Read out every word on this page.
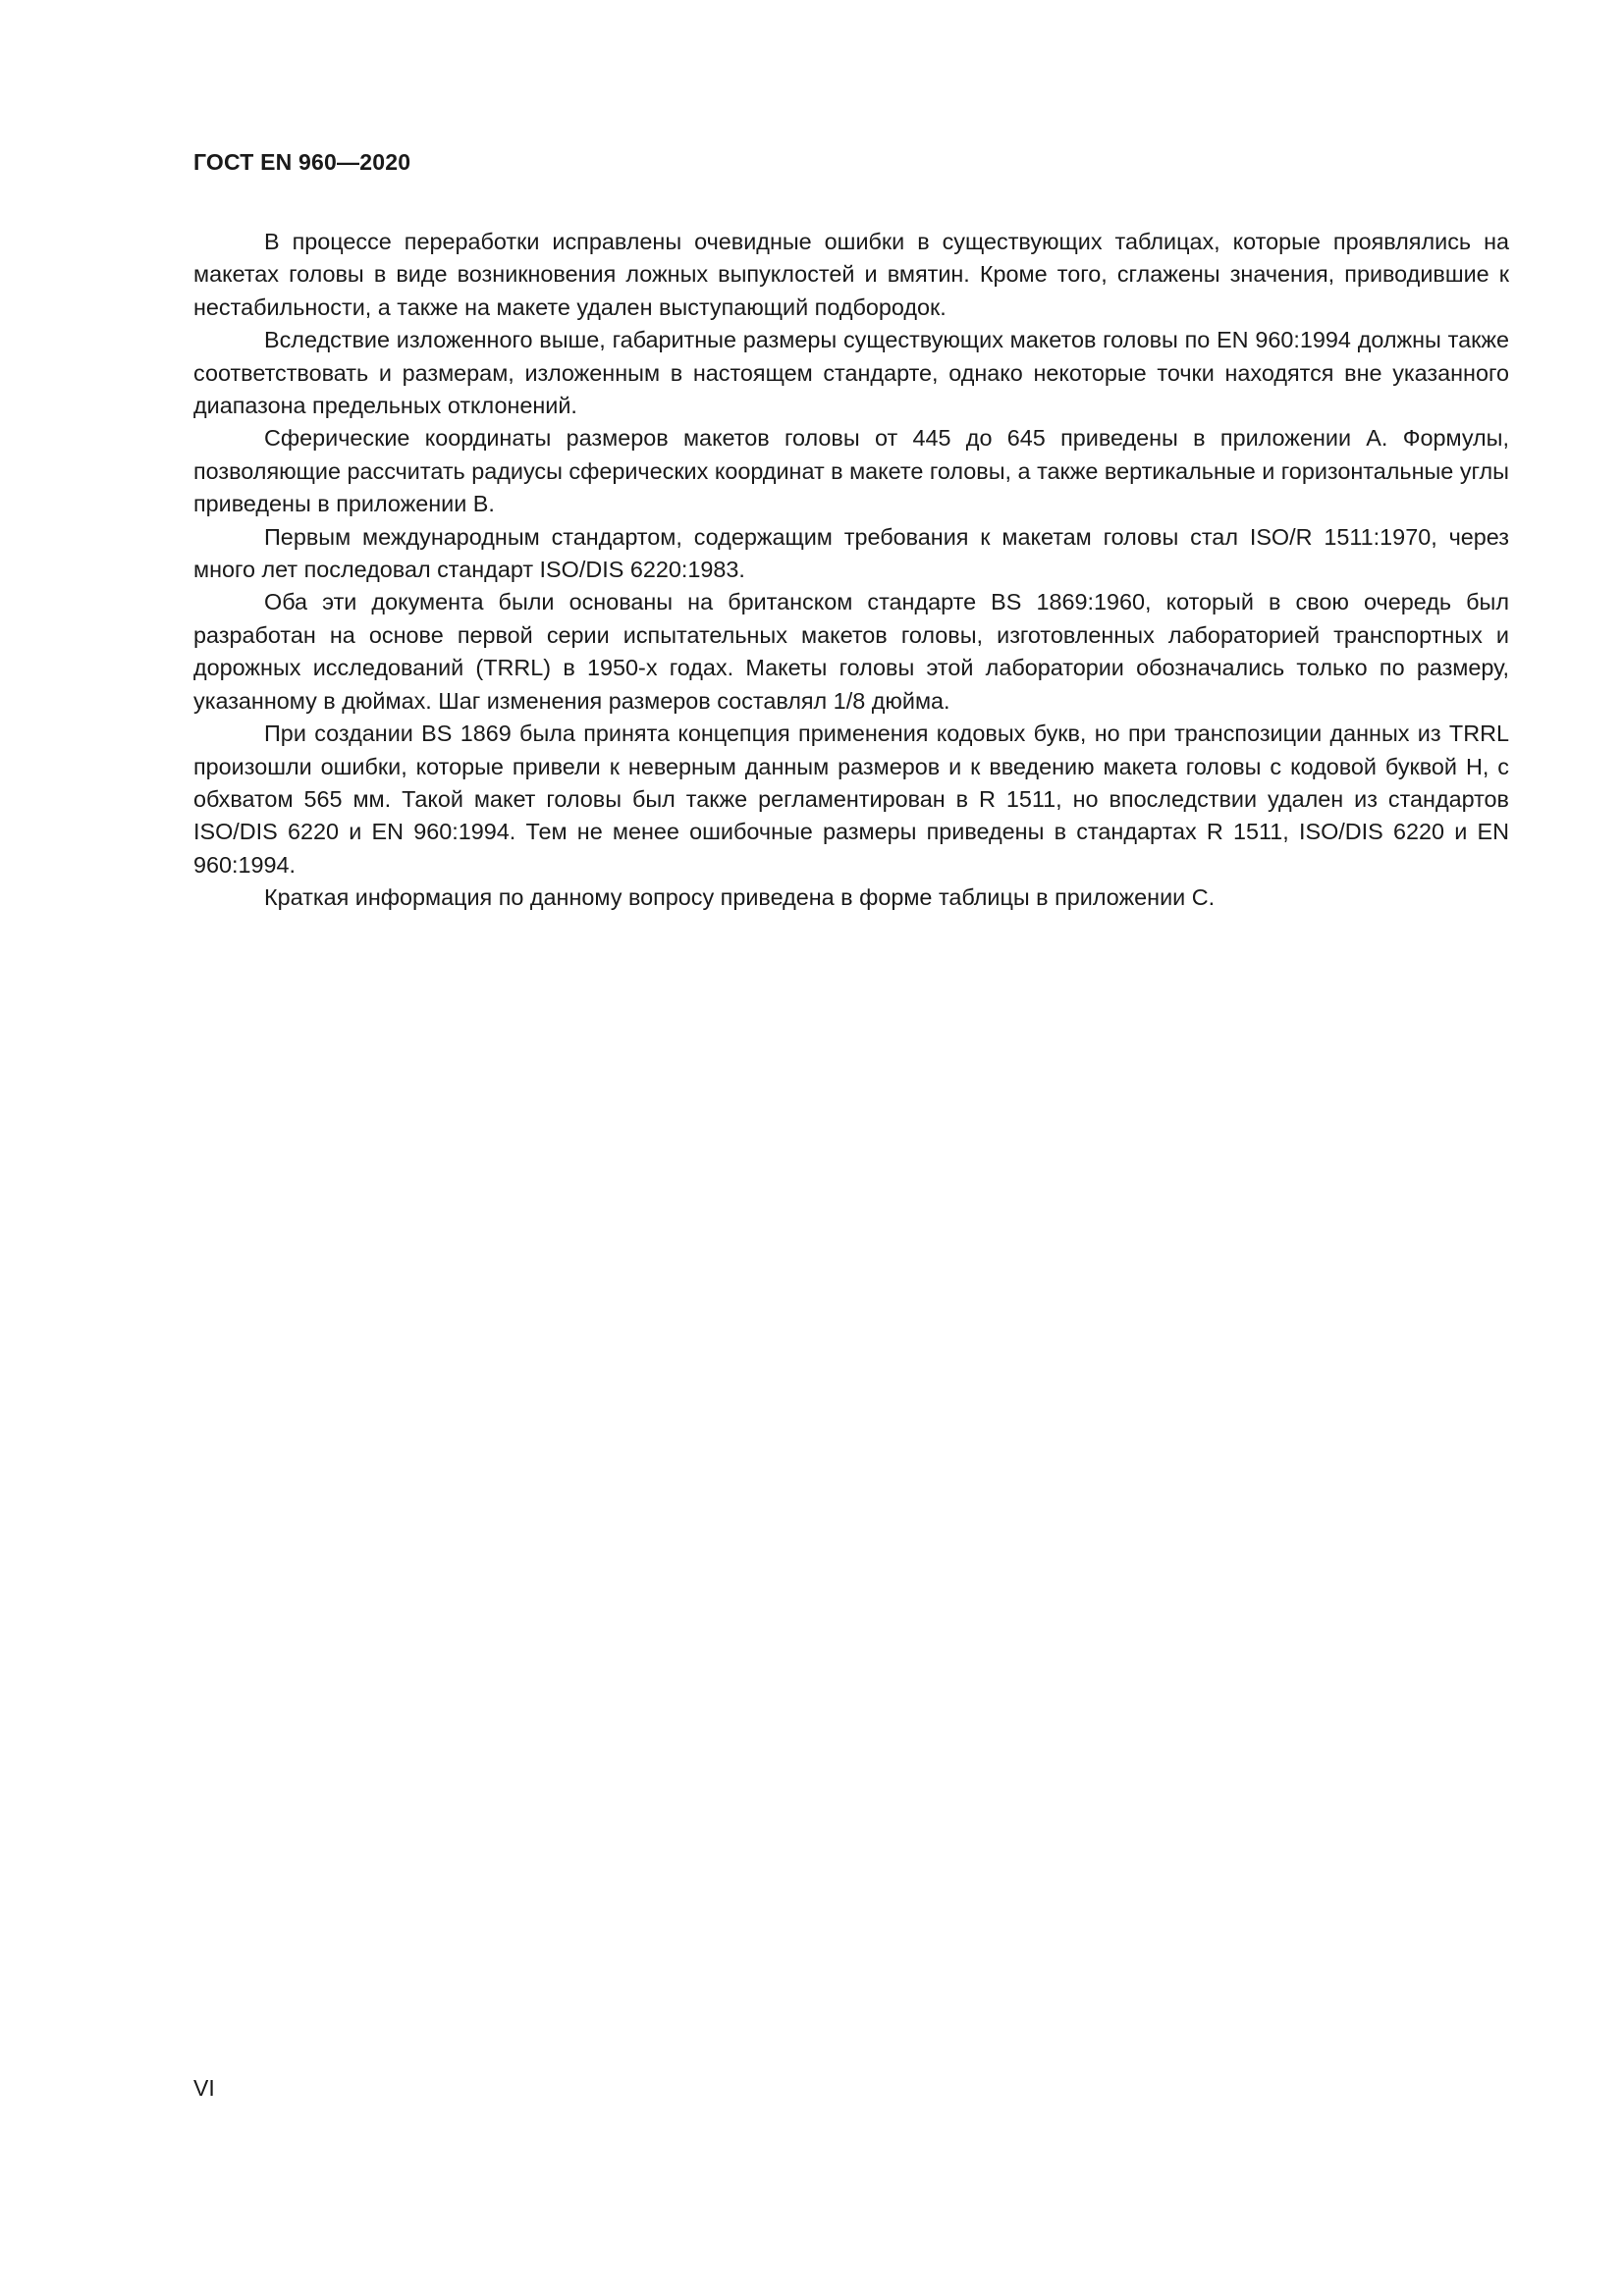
ГОСТ EN 960—2020

В процессе переработки исправлены очевидные ошибки в существующих таблицах, которые проявлялись на макетах головы в виде возникновения ложных выпуклостей и вмятин. Кроме того, сглажены значения, приводившие к нестабильности, а также на макете удален выступающий подбородок.

Вследствие изложенного выше, габаритные размеры существующих макетов головы по EN 960:1994 должны также соответствовать и размерам, изложенным в настоящем стандарте, однако некоторые точки находятся вне указанного диапазона предельных отклонений.

Сферические координаты размеров макетов головы от 445 до 645 приведены в приложении А. Формулы, позволяющие рассчитать радиусы сферических координат в макете головы, а также вертикальные и горизонтальные углы приведены в приложении В.

Первым международным стандартом, содержащим требования к макетам головы стал ISO/R 1511:1970, через много лет последовал стандарт ISO/DIS 6220:1983.

Оба эти документа были основаны на британском стандарте BS 1869:1960, который в свою очередь был разработан на основе первой серии испытательных макетов головы, изготовленных лабораторией транспортных и дорожных исследований (TRRL) в 1950-х годах. Макеты головы этой лаборатории обозначались только по размеру, указанному в дюймах. Шаг изменения размеров составлял 1/8 дюйма.

При создании BS 1869 была принята концепция применения кодовых букв, но при транспозиции данных из TRRL произошли ошибки, которые привели к неверным данным размеров и к введению макета головы с кодовой буквой Н, с обхватом 565 мм. Такой макет головы был также регламентирован в R 1511, но впоследствии удален из стандартов ISO/DIS 6220 и EN 960:1994. Тем не менее ошибочные размеры приведены в стандартах R 1511, ISO/DIS 6220 и EN 960:1994.

Краткая информация по данному вопросу приведена в форме таблицы в приложении С.

VI
